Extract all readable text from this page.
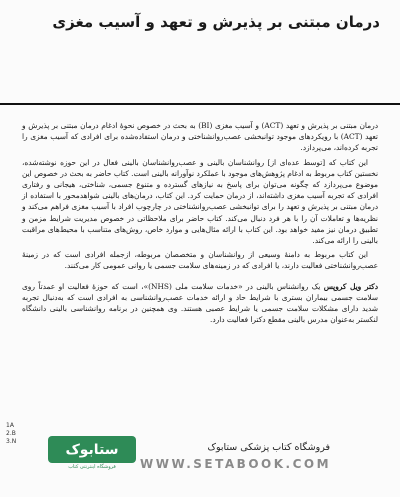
درمان مبتنی بر پذیرش و تعهد و آسیب مغزی

درمان مبتنی بر پذیرش و تعهد (ACT) و آسیب مغزی (BI) به بحث در خصوص نحوۀ ادغام درمان مبتنی بر پذیرش و تعهد (ACT) با رویکردهای موجود توانبخشی عصب‌روانشناختی و درمان استفاده‌شده برای افرادی که آسیب مغزی را تجربه کرده‌اند، می‌پردازد.

این کتاب که [توسط عده‌ای از] روانشناسان بالینی و عصب‌روانشناسان بالینی فعال در این حوزه نوشته‌شده، نخستین کتاب مربوط به ادغام پژوهش‌های موجود با عملکرد نوآورانه بالینی است. کتاب حاضر به بحث در خصوص این موضوع می‌پردازد که چگونه می‌توان برای پاسخ به نیازهای گسترده و متنوع جسمی، شناختی، هیجانی و رفتاری افرادی که تجربه آسیب مغزی داشته‌اند، از درمان حمایت کرد. این کتاب، درمان‌های بالینی شواهدمحور با استفاده از درمان مبتنی بر پذیرش و تعهد را برای توانبخشی عصب‌روانشناختی در چارچوب افراد با آسیب مغزی فراهم می‌کند و نظریه‌ها و تعاملات آن را با هر فرد دنبال می‌کند. کتاب حاضر برای ملاحظاتی در خصوص مدیریت شرایط مزمن و تطبیق درمان نیز مفید خواهد بود. این کتاب با ارائه مثال‌هایی و موارد خاص، روش‌های متناسب با محیط‌های مراقبت بالینی را ارائه می‌کند.

این کتاب مربوط به دامنۀ وسیعی از روانشناسان و متخصصان مربوطه، ازجمله افرادی است که در زمینۀ عصب‌روانشناختی فعالیت دارند، یا افرادی که در زمینه‌های سلامت جسمی یا روانی عمومی کار می‌کنند.

دکتر ویل کروپس یک روانشناس بالینی در «خدمات سلامت ملی (NHS)»، است که حوزۀ فعالیت او عمدتاً روی سلامت جسمی بیماران بستری با شرایط حاد و ارائه خدمات عصب‌روانشناسی به افرادی است که به‌دنبال تجربه شدید دارای مشکلات سلامت جسمی یا شرایط عصبی هستند. وی همچنین در برنامه روانشناسی بالینی دانشگاه لنکستر به‌عنوان مدرس بالینی مقطع دکترا فعالیت دارد.

1A
2.B
3.N	ستابوک
فروشگاه اینترنتی کتاب
فروشگاه کتاب پزشکی ستابوک
WWW.SETABOOK.COM
